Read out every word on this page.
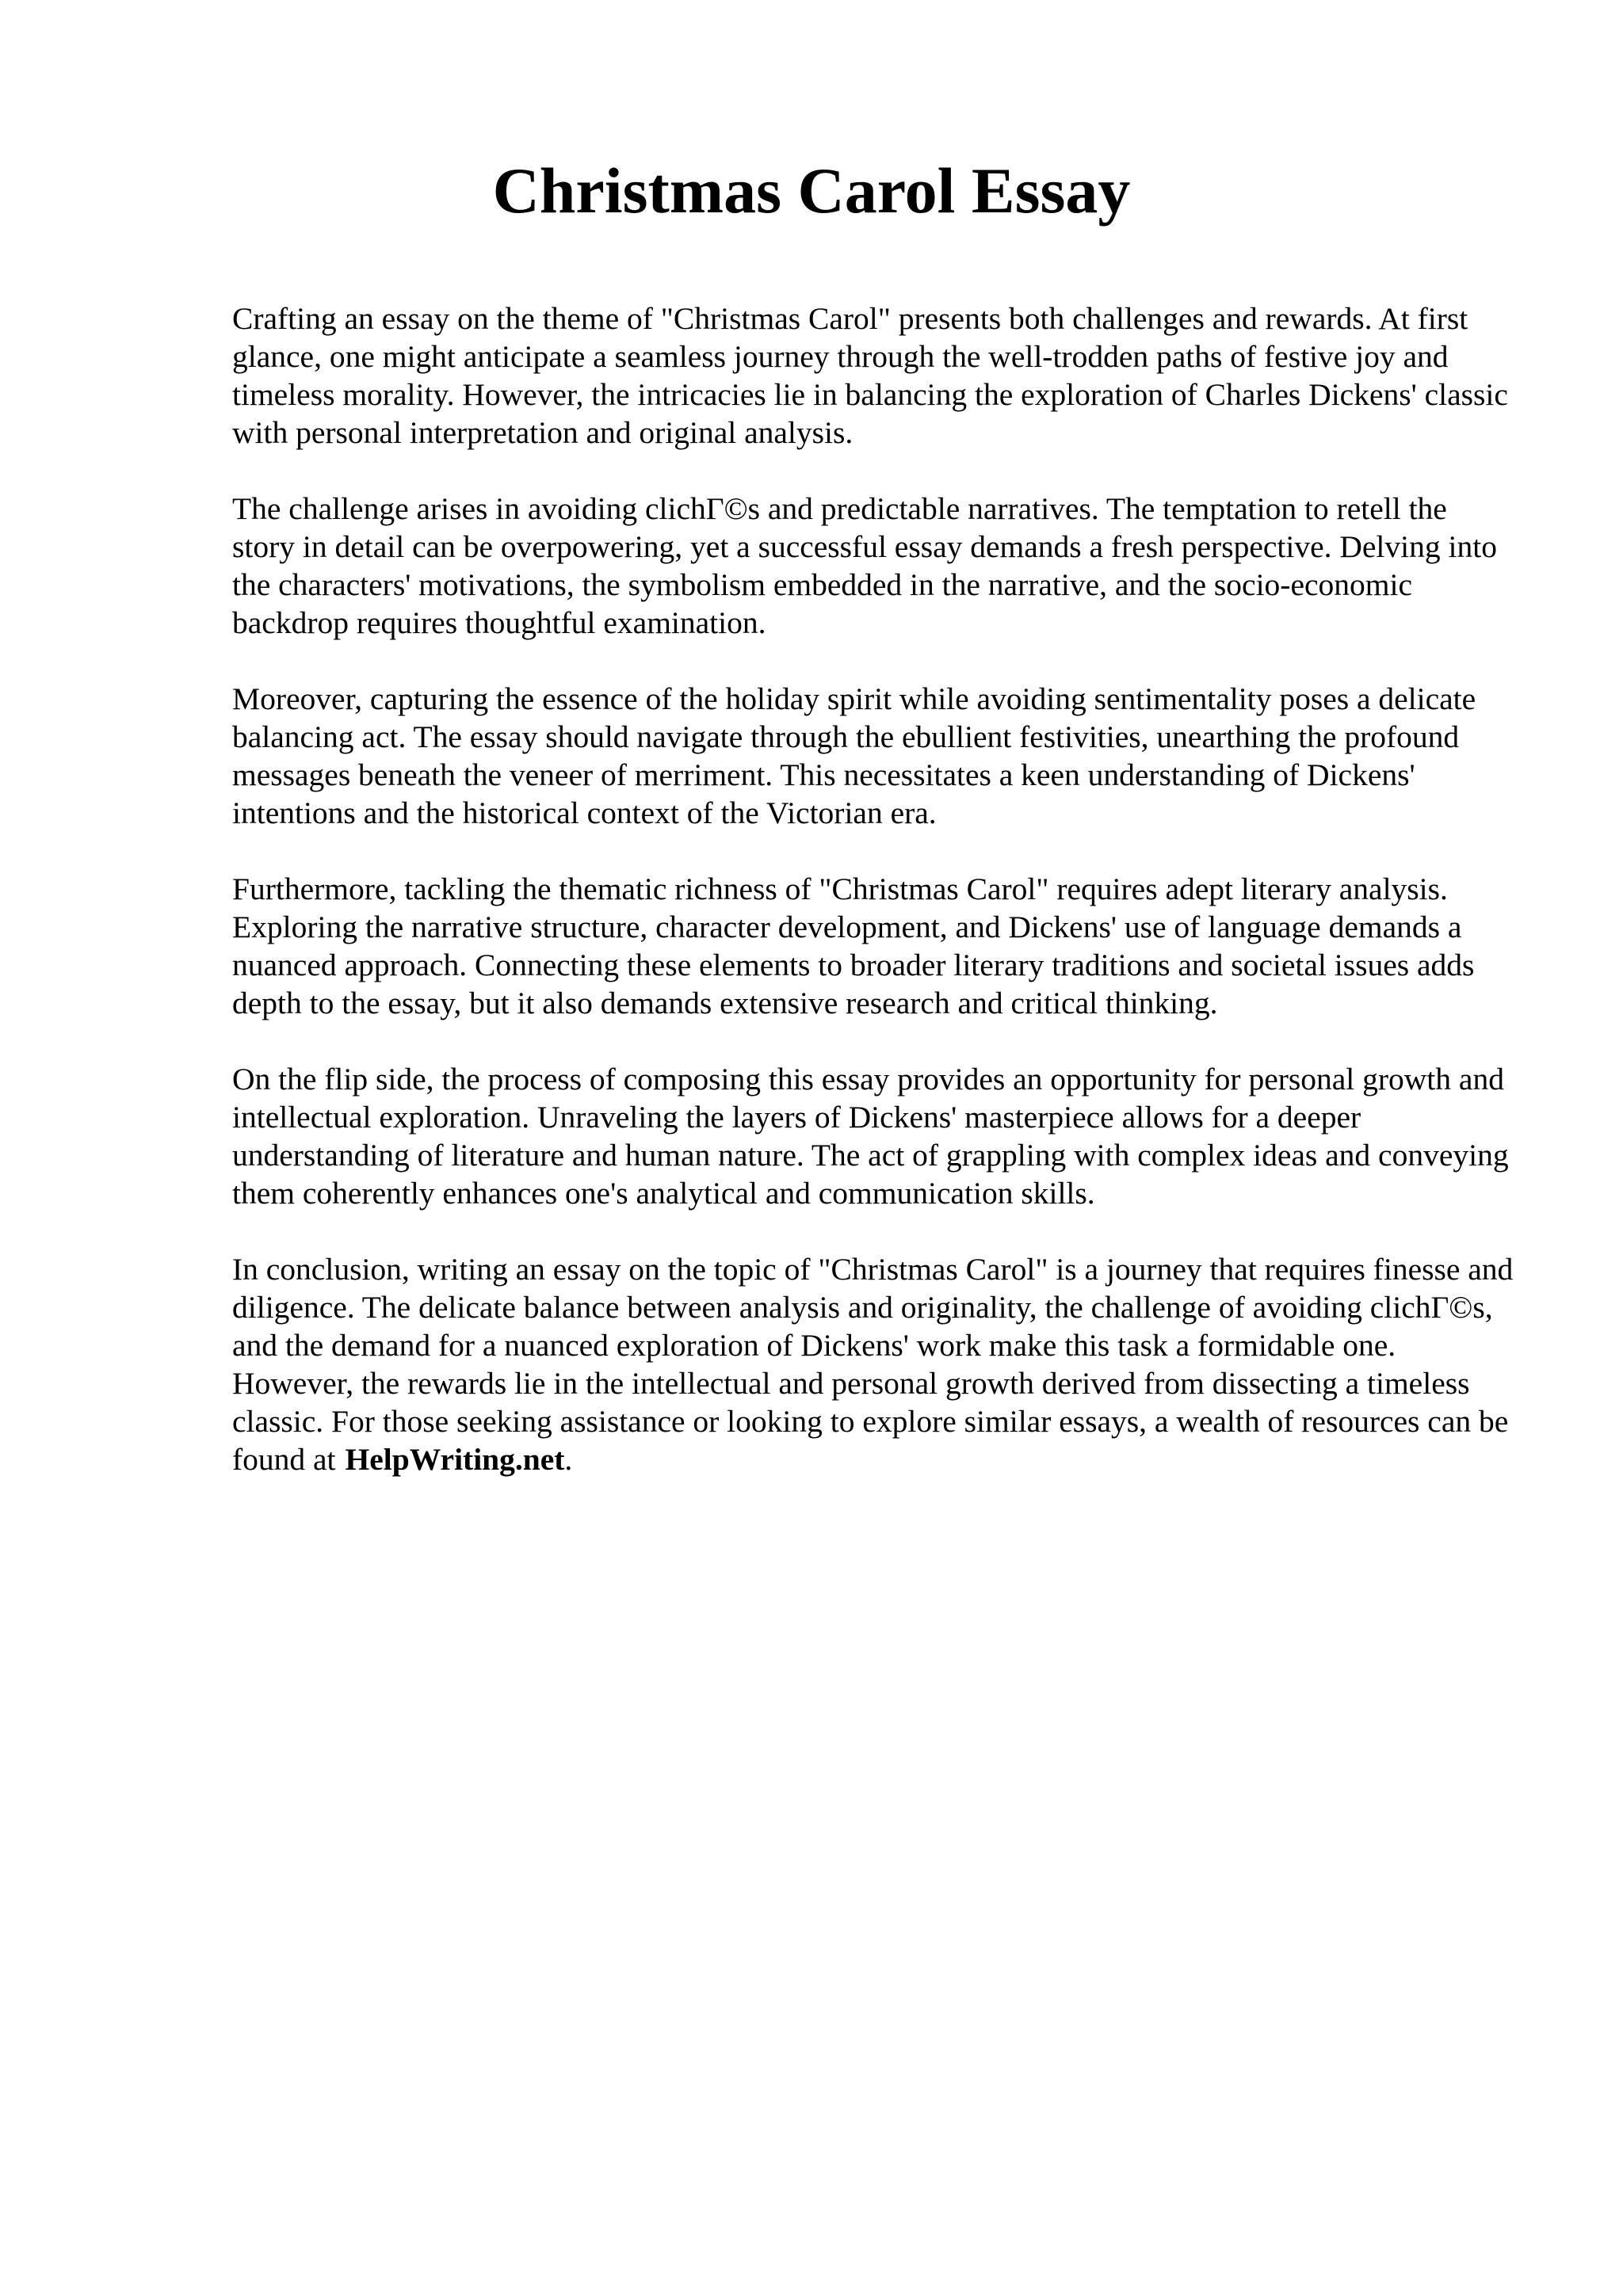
Christmas Carol Essay

Crafting an essay on the theme of "Christmas Carol" presents both challenges and rewards. At first glance, one might anticipate a seamless journey through the well-trodden paths of festive joy and timeless morality. However, the intricacies lie in balancing the exploration of Charles Dickens' classic with personal interpretation and original analysis.

The challenge arises in avoiding clichГ©s and predictable narratives. The temptation to retell the story in detail can be overpowering, yet a successful essay demands a fresh perspective. Delving into the characters' motivations, the symbolism embedded in the narrative, and the socio-economic backdrop requires thoughtful examination.

Moreover, capturing the essence of the holiday spirit while avoiding sentimentality poses a delicate balancing act. The essay should navigate through the ebullient festivities, unearthing the profound messages beneath the veneer of merriment. This necessitates a keen understanding of Dickens' intentions and the historical context of the Victorian era.

Furthermore, tackling the thematic richness of "Christmas Carol" requires adept literary analysis. Exploring the narrative structure, character development, and Dickens' use of language demands a nuanced approach. Connecting these elements to broader literary traditions and societal issues adds depth to the essay, but it also demands extensive research and critical thinking.

On the flip side, the process of composing this essay provides an opportunity for personal growth and intellectual exploration. Unraveling the layers of Dickens' masterpiece allows for a deeper understanding of literature and human nature. The act of grappling with complex ideas and conveying them coherently enhances one's analytical and communication skills.

In conclusion, writing an essay on the topic of "Christmas Carol" is a journey that requires finesse and diligence. The delicate balance between analysis and originality, the challenge of avoiding clichГ©s, and the demand for a nuanced exploration of Dickens' work make this task a formidable one. However, the rewards lie in the intellectual and personal growth derived from dissecting a timeless classic. For those seeking assistance or looking to explore similar essays, a wealth of resources can be found at HelpWriting.net.
